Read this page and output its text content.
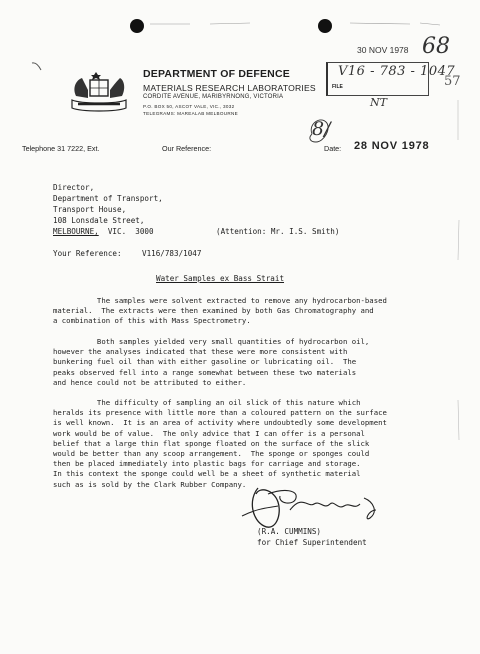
30 NOV 1978 68
57
FILE
V16 - 783 - 1047
NT
DEPARTMENT OF DEFENCE
MATERIALS RESEARCH LABORATORIES
CORDITE AVENUE, MARIBYRNONG, VICTORIA
P.O. BOX 50, ASCOT VALE, VIC., 3032
TELEGRAMS: MAREALAB MELBOURNE
8/
Telephone 31 7222, Ext.	Our Reference:	Date: 28 NOV 1978
Director,
Department of Transport,
Transport House,
108 Lonsdale Street,
MELBOURNE,  VIC.  3000	(Attention: Mr. I.S. Smith)
Your Reference:	V116/783/1047
Water Samples ex Bass Strait
The samples were solvent extracted to remove any hydrocarbon-based
material.  The extracts were then examined by both Gas Chromatography and
a combination of this with Mass Spectrometry.
Both samples yielded very small quantities of hydrocarbon oil,
however the analyses indicated that these were more consistent with
bunkering fuel oil than with either gasoline or lubricating oil.  The
peaks observed fell into a range somewhat between these two materials
and hence could not be attributed to either.
The difficulty of sampling an oil slick of this nature which
heralds its presence with little more than a coloured pattern on the surface
is well known.  It is an area of activity where undoubtedly some development
work would be of value.  The only advice that I can offer is a personal
belief that a large thin flat sponge floated on the surface of the slick
would be better than any scoop arrangement.  The sponge or sponges could
then be placed immediately into plastic bags for carriage and storage.
In this context the sponge could well be a sheet of synthetic material
such as is sold by the Clark Rubber Company.
(R.A. CUMMINS)
for Chief Superintendent
